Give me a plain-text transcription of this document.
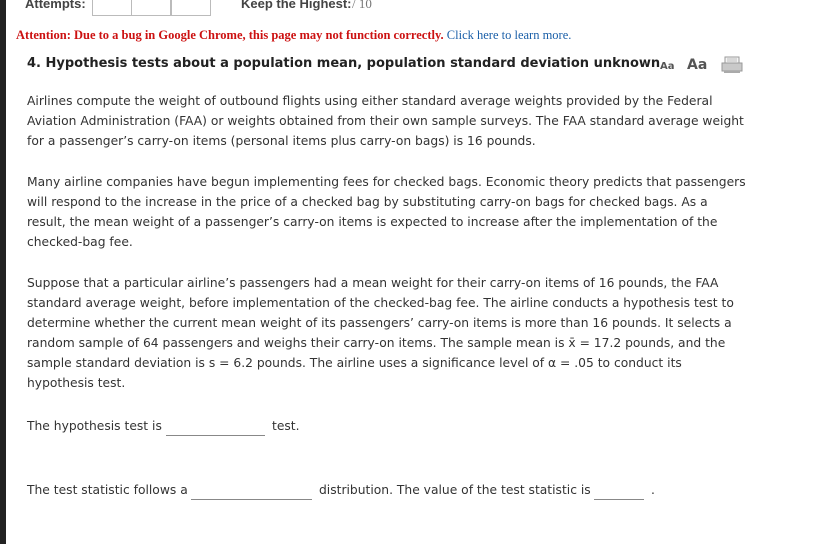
Attempts:	Keep the Highest: / 10
Attention: Due to a bug in Google Chrome, this page may not function correctly. Click here to learn more.
4. Hypothesis tests about a population mean, population standard deviation unknown Aa Aa

Airlines compute the weight of outbound flights using either standard average weights provided by the Federal Aviation Administration (FAA) or weights obtained from their own sample surveys. The FAA standard average weight for a passenger’s carry-on items (personal items plus carry-on bags) is 16 pounds.

Many airline companies have begun implementing fees for checked bags. Economic theory predicts that passengers will respond to the increase in the price of a checked bag by substituting carry-on bags for checked bags. As a result, the mean weight of a passenger’s carry-on items is expected to increase after the implementation of the checked-bag fee.

Suppose that a particular airline’s passengers had a mean weight for their carry-on items of 16 pounds, the FAA standard average weight, before implementation of the checked-bag fee. The airline conducts a hypothesis test to determine whether the current mean weight of its passengers’ carry-on items is more than 16 pounds. It selects a random sample of 64 passengers and weighs their carry-on items. The sample mean is x̄ = 17.2 pounds, and the sample standard deviation is s = 6.2 pounds. The airline uses a significance level of α = .05 to conduct its hypothesis test.

The hypothesis test is	test.
The test statistic follows a	distribution. The value of the test statistic is	.
